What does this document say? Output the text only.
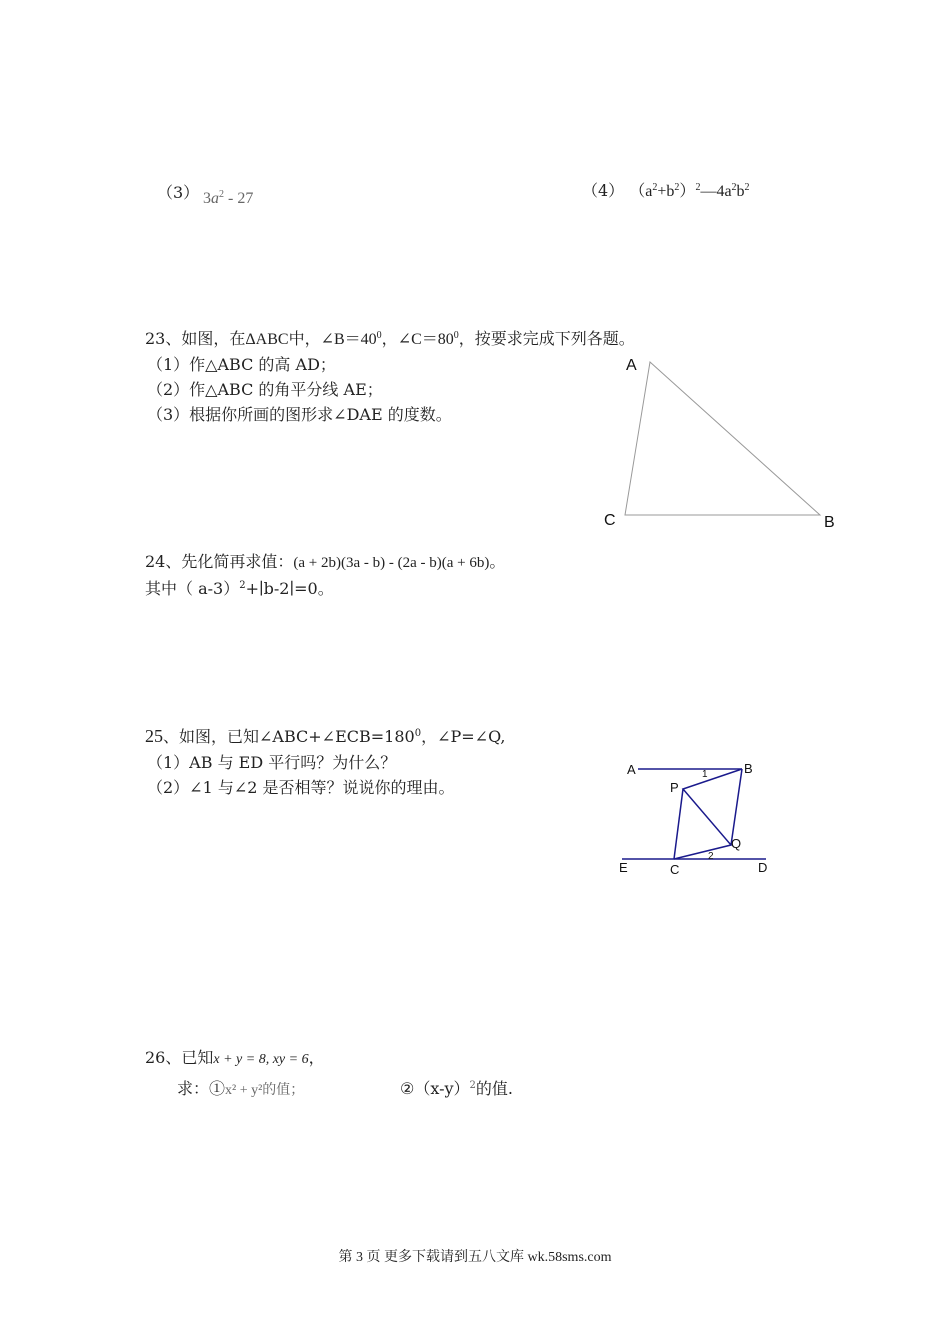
（3） $3a^2 - 27$	（4） $(a^2+b^2)^2—4a^2b^2$
23、如图，在ΔABC中，$\angle B=40^0$，$\angle C=80^0$，按要求完成下列各题。
（1）作△ABC 的高 AD；
（2）作△ABC 的角平分线 AE；
（3）根据你所画的图形求∠DAE 的度数。
A
C	B
24、先化简再求值：(a + 2b)(3a - b) - (2a - b)(a + 6b)。
其中（ a-3）$^2$+∣b-2∣=0。
25、如图，已知$\angle ABC+\angle ECB=180^0$，∠P=∠Q,
（1）AB 与 ED 平行吗？为什么？
（2）∠1 与∠2 是否相等？说说你的理由。
A	B
P
Q
E	C	D
1
2
26、已知x + y = 8, xy = 6，
求：①x² + y²的值；	$②(x-y)^2$的值.
第 3 页 更多下载请到五八文库 wk.58sms.com
